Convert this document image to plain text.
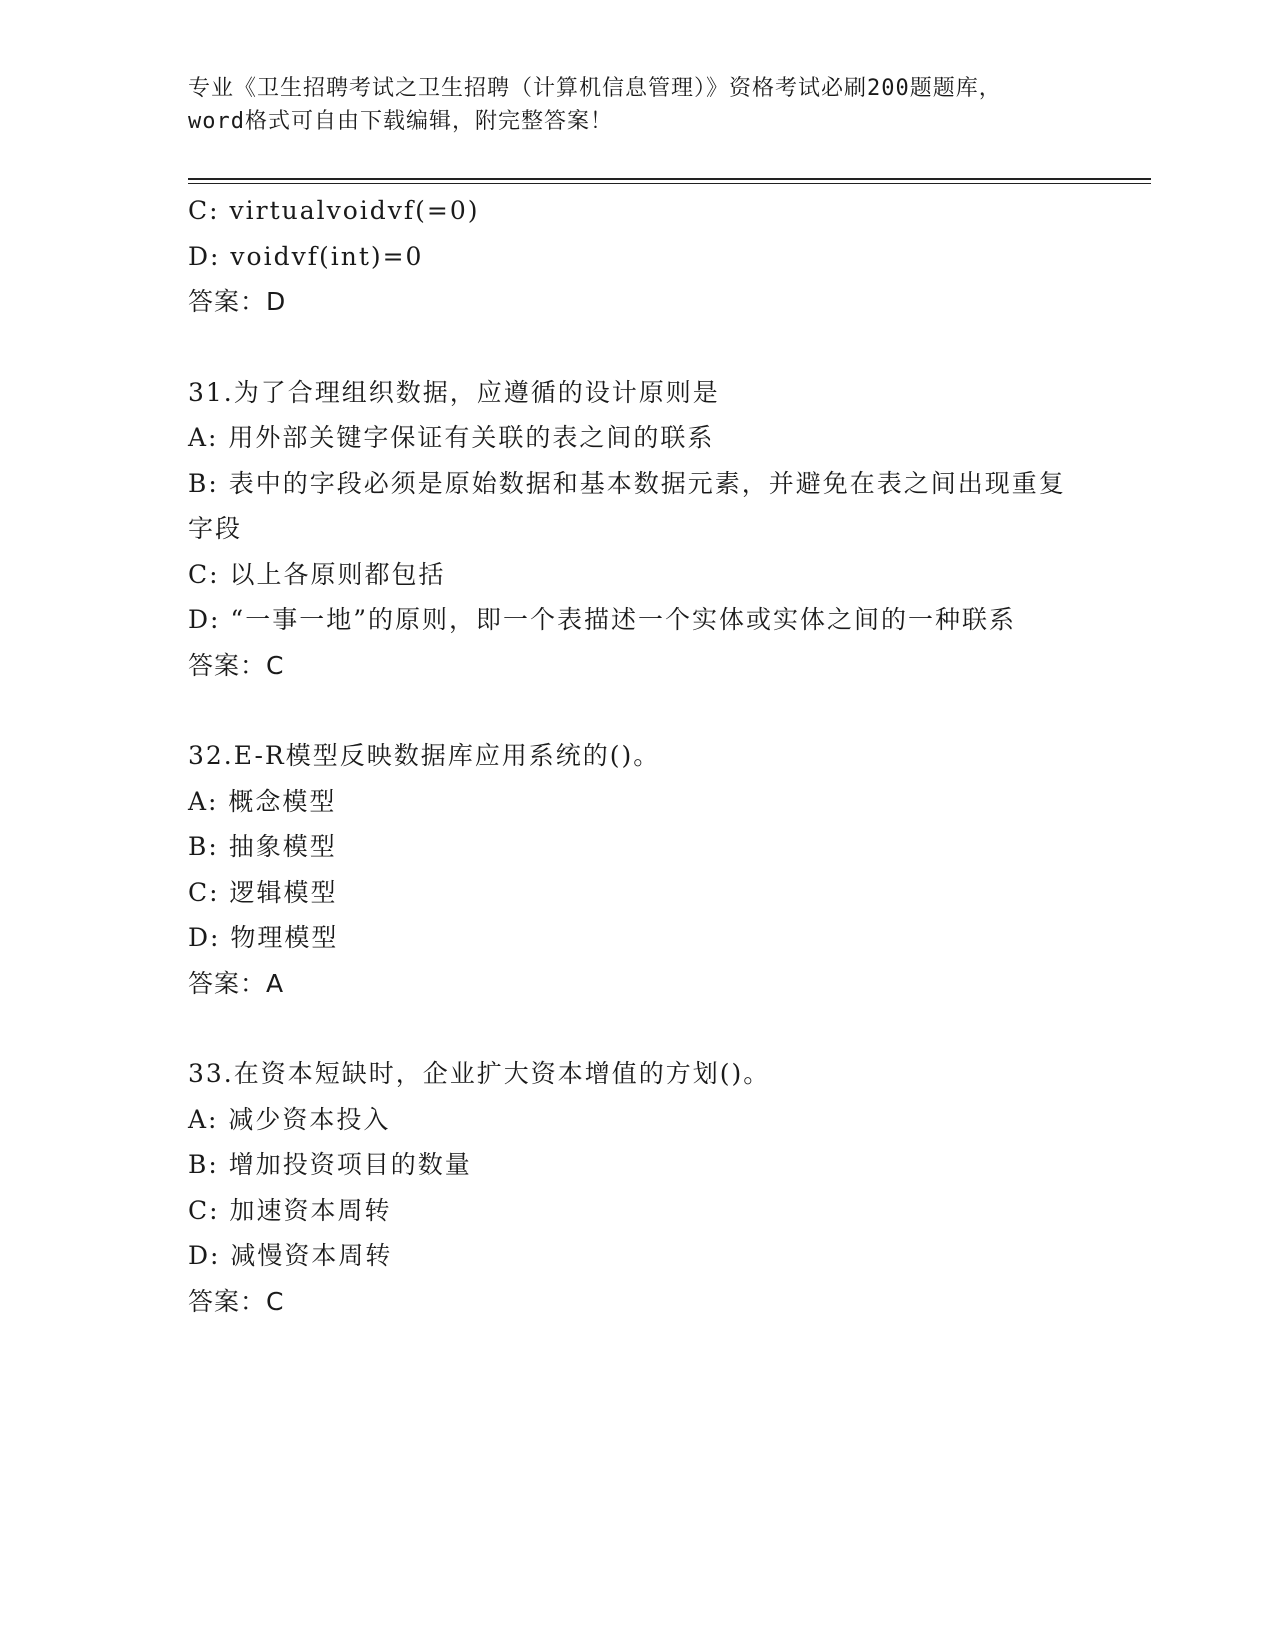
专业《卫生招聘考试之卫生招聘（计算机信息管理）》资格考试必刷200题题库，
word格式可自由下载编辑，附完整答案！
C: virtualvoidvf(=0)
D: voidvf(int)=0
答案：D
31.为了合理组织数据，应遵循的设计原则是
A: 用外部关键字保证有关联的表之间的联系
B: 表中的字段必须是原始数据和基本数据元素，并避免在表之间出现重复字段
C: 以上各原则都包括
D: “一事一地”的原则，即一个表描述一个实体或实体之间的一种联系
答案：C
32.E-R模型反映数据库应用系统的()。
A: 概念模型
B: 抽象模型
C: 逻辑模型
D: 物理模型
答案：A
33.在资本短缺时，企业扩大资本增值的方划()。
A: 减少资本投入
B: 增加投资项目的数量
C: 加速资本周转
D: 减慢资本周转
答案：C
